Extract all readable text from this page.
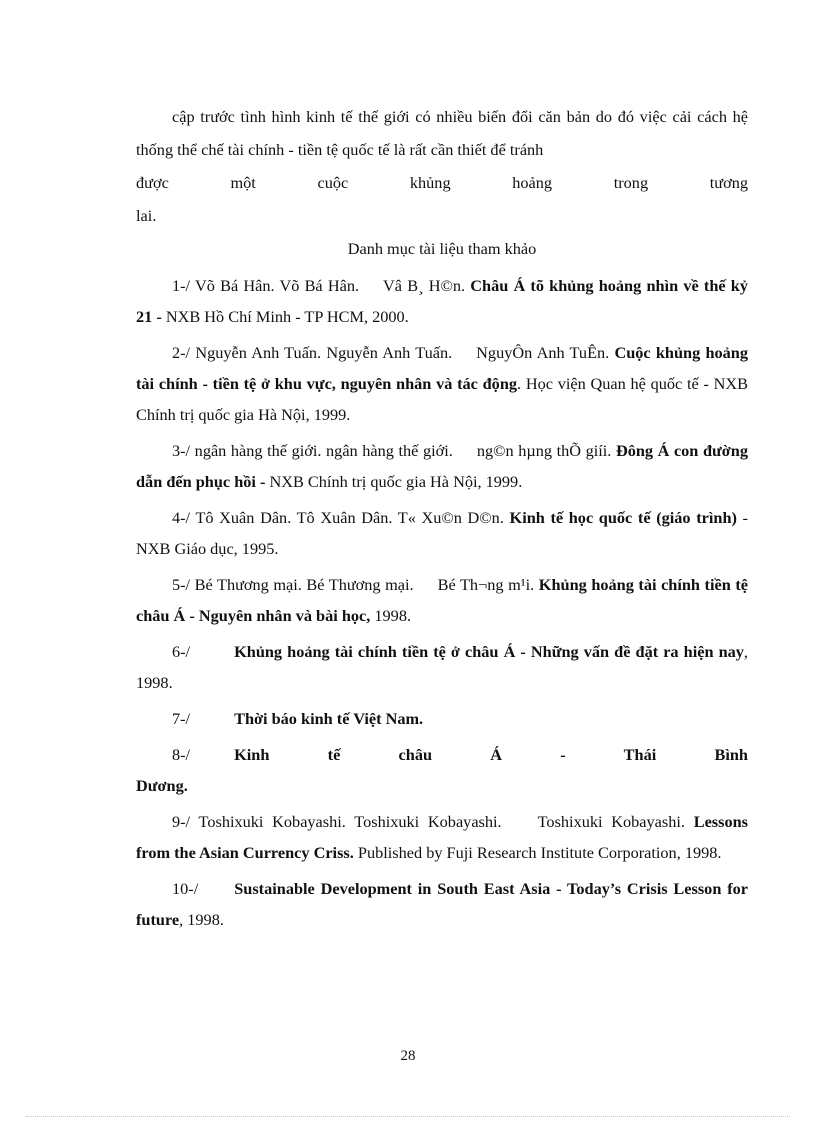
cập trước tình hình kinh tế thế giới có nhiều biến đổi căn bản do đó việc cải cách hệ thống thể chế tài chính - tiền tệ quốc tế là rất cần thiết để tránh
được một cuộc khủng hoảng trong tương lai.

Danh mục tài liệu tham khảo

1-/ Võ Bá Hân. Võ Bá Hân. Vâ B¸ H©n. Châu Á tõ khủng hoảng nhìn về thế kỷ 21 - NXB Hồ Chí Minh - TP HCM, 2000.

2-/ Nguyễn Anh Tuấn. Nguyễn Anh Tuấn. NguyÔn Anh TuÊn. Cuộc khủng hoảng tài chính - tiền tệ ở khu vực, nguyên nhân và tác động. Học viện Quan hệ quốc tế - NXB Chính trị quốc gia Hà Nội, 1999.

3-/ ngân hàng thế giới. ngân hàng thế giới. ng©n hµng thÕ giíi. Đông Á con đường dẫn đến phục hồi - NXB Chính trị quốc gia Hà Nội, 1999.

4-/ Tô Xuân Dân. Tô Xuân Dân. T« Xu©n D©n. Kinh tế học quốc tế (giáo trình) - NXB Giáo dục, 1995.

5-/ Bé Thương mại. Bé Thương mại. Bé Th¬ng m¹i. Khủng hoảng tài chính tiền tệ châu Á - Nguyên nhân và bài học, 1998.

6-/	Khủng hoảng tài chính tiền tệ ở châu Á - Những vấn đề đặt ra hiện nay, 1998.

7-/	Thời báo kinh tế Việt Nam.

8-/	Kinh tế châu Á - Thái Bình Dương.

9-/ Toshixuki Kobayashi. Toshixuki Kobayashi. Toshixuki Kobayashi. Lessons from the Asian Currency Criss. Published by Fuji Research Institute Corporation, 1998.

10-/ Sustainable Development in South East Asia - Today’s Crisis Lesson for future, 1998.

28
